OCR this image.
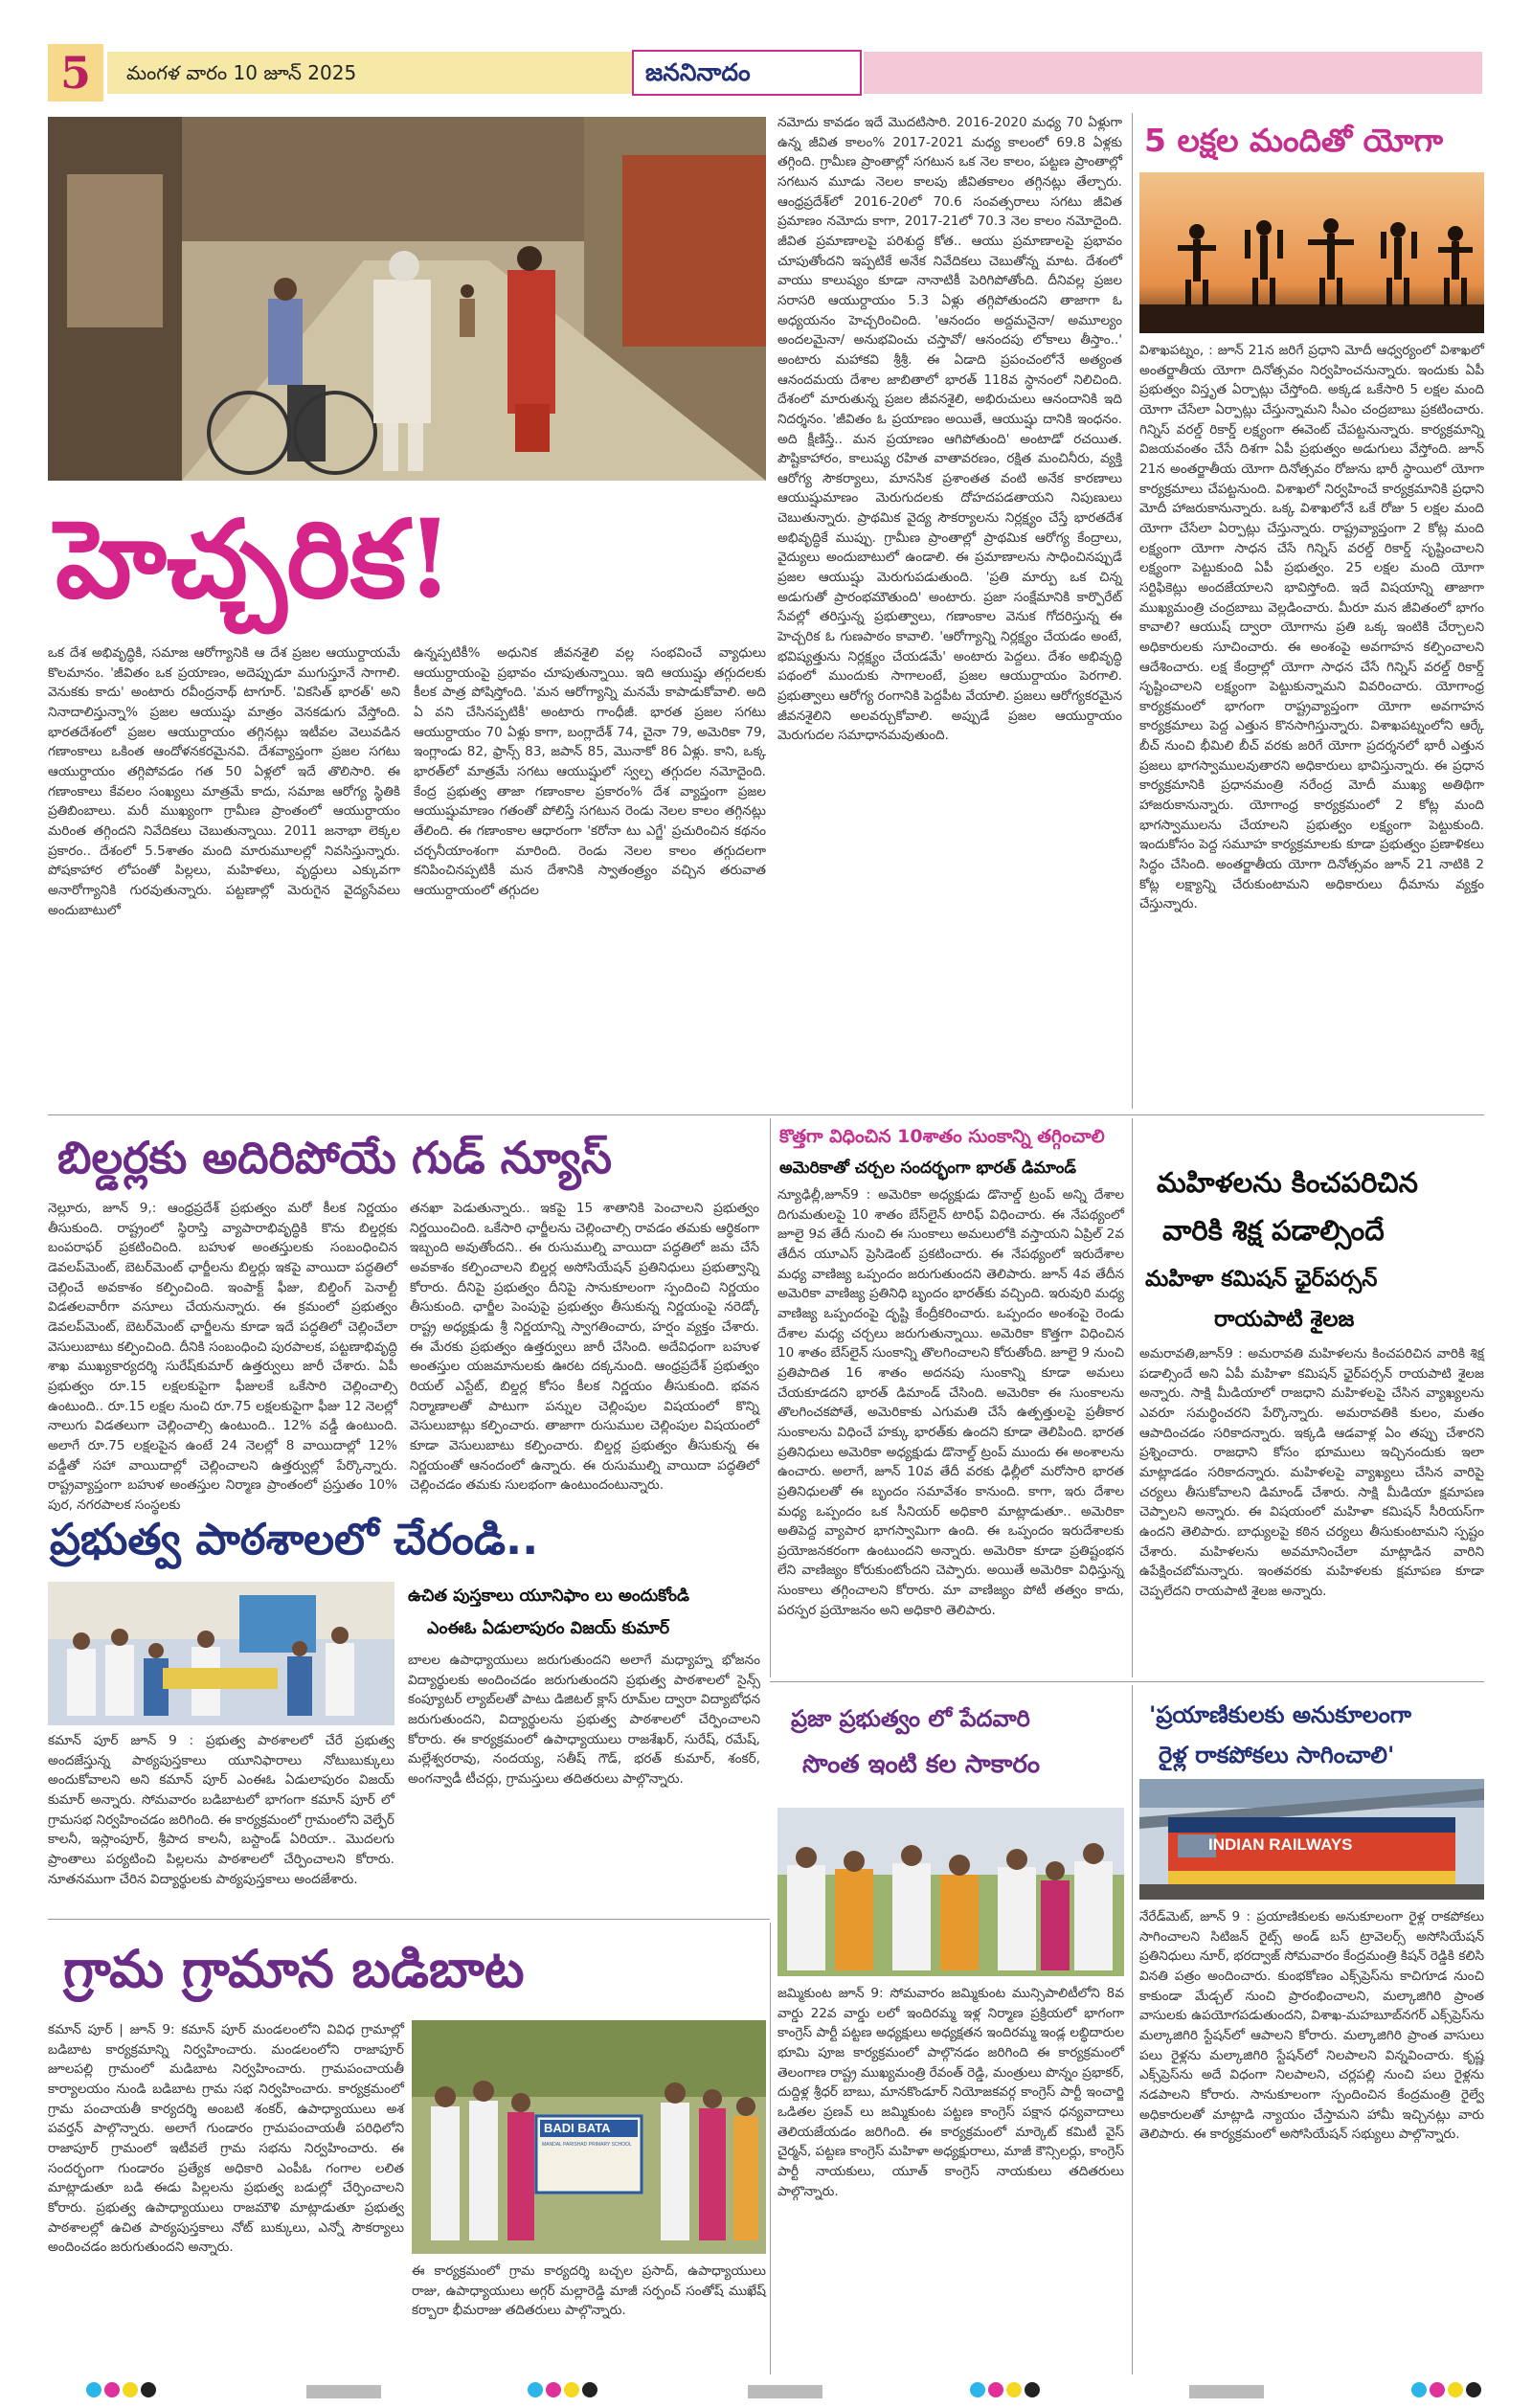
5	మంగళ వారం 10 జూన్ 2025	జననినాదం
హెచ్చరిక!
ఒక దేశ అభివృద్ధికి, సమాజ ఆరోగ్యానికి ఆ దేశ ప్రజల ఆయుర్దాయమే కొలమానం. 'జీవితం ఒక ప్రయాణం, అదెప్పుడూ ముగుస్తూనే సాగాలి. వెనుకకు కాదు' అంటారు రవీంద్రనాథ్ టాగూర్. 'వికసిత్ భారత్' అని నినాదాలిస్తున్నా% ప్రజల ఆయుష్షు మాత్రం వెనకడుగు వేస్తోంది. భారతదేశంలో ప్రజల ఆయుర్దాయం తగ్గినట్లు ఇటీవల వెలువడిన గణాంకాలు ఒకింత ఆందోళనకరమైనవి. దేశవ్యాప్తంగా ప్రజల సగటు ఆయుర్దాయం తగ్గిపోవడం గత 50 ఏళ్లలో ఇదే తొలిసారి. ఈ గణాంకాలు కేవలం సంఖ్యలు మాత్రమే కాదు, సమాజ ఆరోగ్య స్థితికి ప్రతిబింబాలు. మరీ ముఖ్యంగా గ్రామీణ ప్రాంతంలో ఆయుర్దాయం మరింత తగ్గిందని నివేదికలు చెబుతున్నాయి. 2011 జనాభా లెక్కల ప్రకారం.. దేశంలో 5.5శాతం మంది మారుమూలల్లో నివసిస్తున్నారు. పోషకాహార లోపంతో పిల్లలు, మహిళలు, వృద్ధులు ఎక్కువగా అనారోగ్యానికి గురవుతున్నారు. పట్టణాల్లో మెరుగైన వైద్యసేవలు అందుబాటులో
ఉన్నప్పటికీ% అధునిక జీవనశైలి వల్ల సంభవించే వ్యాధులు ఆయుర్దాయంపై ప్రభావం చూపుతున్నాయి. ఇది ఆయుష్షు తగ్గుదలకు కీలక పాత్ర పోషిస్తోంది. 'మన ఆరోగ్యాన్ని మనమే కాపాడుకోవాలి. అది ఏ వని చేసినప్పటికీ' అంటారు గాంధీజీ. భారత ప్రజల సగటు ఆయుర్దాయం 70 ఏళ్లు కాగా, బంగ్లాదేశ్ 74, చైనా 79, అమెరికా 79, ఇంగ్లాండు 82, ఫ్రాన్స్ 83, జపాన్ 85, మొనాకో 86 ఏళ్లు. కాని, ఒక్క భారత్‌లో మాత్రమే సగటు ఆయుష్షులో స్వల్ప తగ్గుదల నమోదైంది. కేంద్ర ప్రభుత్వ తాజా గణాంకాల ప్రకారం% దేశ వ్యాప్తంగా ప్రజల ఆయుష్షుమాణం గతంతో పోలిస్తే సగటున రెండు నెలల కాలం తగ్గినట్లు తేలింది. ఈ గణాంకాల ఆధారంగా 'కరోనా టు ఎగ్జే' ప్రచురించిన కథనం చర్చనీయాంశంగా మారింది. రెండు నెలల కాలం తగ్గుదలగా కనిపించినప్పటికీ మన దేశానికి స్వాతంత్ర్యం వచ్చిన తరువాత ఆయుర్దాయంలో తగ్గుదల
నమోదు కావడం ఇదే మొదటిసారి. 2016-2020 మధ్య 70 ఏళ్లుగా ఉన్న జీవిత కాలం% 2017-2021 మధ్య కాలంలో 69.8 ఏళ్లకు తగ్గింది. గ్రామీణ ప్రాంతాల్లో సగటున ఒక నెల కాలం, పట్టణ ప్రాంతాల్లో సగటున మూడు నెలల కాలపు జీవితకాలం తగ్గినట్లు తేల్చారు. ఆంధ్రప్రదేశ్‌లో 2016-20లో 70.6 సంవత్సరాలు సగటు జీవిత ప్రమాణం నమోదు కాగా, 2017-21లో 70.3 నెల కాలం నమోదైంది. జీవిత ప్రమాణాలపై పరిశుద్ధ కోత.. ఆయు ప్రమాణాలపై ప్రభావం చూపుతోందని ఇప్పటికే అనేక నివేదికలు చెబుతోన్న మాట. దేశంలో వాయు కాలుష్యం కూడా నానాటికీ పెరిగిపోతోంది. దీనివల్ల ప్రజల సరాసరి ఆయుర్దాయం 5.3 ఏళ్లు తగ్గిపోతుందని తాజాగా ఓ అధ్యయనం హెచ్చరించింది. 'ఆనందం అద్దమనైనా/ అమూల్యం అందలమైనా/ అనుభవించు చస్తావో/ ఆనందపు లోకాలు తీస్తాం..' అంటారు మహాకవి శ్రీశ్రీ. ఈ ఏడాది ప్రపంచంలోనే అత్యంత ఆనందమయ దేశాల జాబితాలో భారత్ 118వ స్థానంలో నిలిచింది. దేశంలో మారుతున్న ప్రజల జీవనశైలి, అభిరుచులు ఆనందానికి ఇది నిదర్శనం. 'జీవితం ఓ ప్రయాణం అయితే, ఆయుష్షు దానికి ఇంధనం. అది క్షీణిస్తే.. మన ప్రయాణం ఆగిపోతుంది' అంటాడో రచయిత. పౌష్టికాహారం, కాలుష్య రహిత వాతావరణం, రక్షిత మంచినీరు, వ్యక్తి ఆరోగ్య సౌకర్యాలు, మానసిక ప్రశాంతత వంటి అనేక కారణాలు ఆయుష్షుమాణం మెరుగుదలకు దోహదపడతాయని నిపుణులు చెబుతున్నారు. ప్రాథమిక వైద్య సౌకర్యాలను నిర్లక్ష్యం చేస్తే భారతదేశ అభివృద్ధికే ముప్పు. గ్రామీణ ప్రాంతాల్లో ప్రాథమిక ఆరోగ్య కేంద్రాలు, వైద్యులు అందుబాటులో ఉండాలి. ఈ ప్రమాణాలను సాధించినప్పుడే ప్రజల ఆయుష్షు మెరుగుపడుతుంది. 'ప్రతి మార్పు ఒక చిన్న అడుగుతో ప్రారంభమౌతుంది' అంటారు. ప్రజా సంక్షేమానికి కార్పొరేట్ సేవల్లో తరిస్తున్న ప్రభుత్వాలు, గణాంకాల వెనుక గోదరిస్తున్న ఈ హెచ్చరిక ఓ గుణపాఠం కావాలి. 'ఆరోగ్యాన్ని నిర్లక్ష్యం చేయడం అంటే, భవిష్యత్తును నిర్లక్ష్యం చేయడమే' అంటారు పెద్దలు. దేశం అభివృద్ధి పథంలో ముందుకు సాగాలంటే, ప్రజల ఆయుర్దాయం పెరగాలి. ప్రభుత్వాలు ఆరోగ్య రంగానికి పెద్దపీట వేయాలి. ప్రజలు ఆరోగ్యకరమైన జీవనశైలిని అలవర్చుకోవాలి. అప్పుడే ప్రజల ఆయుర్దాయం మెరుగుదల సమాధానమవుతుంది.
5 లక్షల మందితో యోగా
విశాఖపట్నం, : జూన్ 21న జరిగే ప్రధాని మోదీ ఆధ్వర్యంలో విశాఖలో అంతర్జాతీయ యోగా దినోత్సవం నిర్వహించనున్నారు. ఇందుకు ఏపీ ప్రభుత్వం విస్తృత ఏర్పాట్లు చేస్తోంది. అక్కడ ఒకేసారి 5 లక్షల మంది యోగా చేసేలా ఏర్పాట్లు చేస్తున్నామని సీఎం చంద్రబాబు ప్రకటించారు. గిన్నిస్ వరల్డ్ రికార్డ్ లక్ష్యంగా ఈవెంట్ చేపట్టనున్నారు. కార్యక్రమాన్ని విజయవంతం చేసే దిశగా ఏపీ ప్రభుత్వం అడుగులు వేస్తోంది. జూన్ 21న అంతర్జాతీయ యోగా దినోత్సవం రోజును భారీ స్థాయిలో యోగా కార్యక్రమాలు చేపట్టనుంది. విశాఖలో నిర్వహించే కార్యక్రమానికి ప్రధాని మోదీ హాజరుకానున్నారు. ఒక్క విశాఖలోనే ఒకే రోజు 5 లక్షల మంది యోగా చేసేలా ఏర్పాట్లు చేస్తున్నారు. రాష్ట్రవ్యాప్తంగా 2 కోట్ల మంది లక్ష్యంగా యోగా సాధన చేసే గిన్నిస్ వరల్డ్ రికార్డ్ సృష్టించాలని లక్ష్యంగా పెట్టుకుంది ఏపీ ప్రభుత్వం. 25 లక్షల మంది యోగా సర్టిఫికెట్లు అందజేయాలని భావిస్తోంది. ఇదే విషయాన్ని తాజాగా ముఖ్యమంత్రి చంద్రబాబు వెల్లడించారు. మీరూ మన జీవితంలో భాగం కావాలి? ఆయుష్ ద్వారా యోగాను ప్రతి ఒక్క ఇంటికి చేర్చాలని అధికారులకు సూచించారు. ఈ అంశంపై అవగాహన కల్పించాలని ఆదేశించారు. లక్ష కేంద్రాల్లో యోగా సాధన చేసే గిన్నిస్ వరల్డ్ రికార్డ్ సృష్టించాలని లక్ష్యంగా పెట్టుకున్నామని వివరించారు. యోగాంధ్ర కార్యక్రమంలో భాగంగా రాష్ట్రవ్యాప్తంగా యోగా అవగాహన కార్యక్రమాలు పెద్ద ఎత్తున కొనసాగిస్తున్నారు. విశాఖపట్నంలోని ఆర్కే బీచ్ నుంచి భీమిలి బీచ్ వరకు జరిగే యోగా ప్రదర్శనలో భారీ ఎత్తున ప్రజలు భాగస్వాములవుతారని అధికారులు భావిస్తున్నారు. ఈ ప్రధాన కార్యక్రమానికి ప్రధానమంత్రి నరేంద్ర మోదీ ముఖ్య అతిథిగా హాజరుకానున్నారు. యోగాంధ్ర కార్యక్రమంలో 2 కోట్ల మంది భాగస్వాములను చేయాలని ప్రభుత్వం లక్ష్యంగా పెట్టుకుంది. ఇందుకోసం పెద్ద సమూహ కార్యక్రమాలకు కూడా ప్రభుత్వం ప్రణాళికలు సిద్ధం చేసింది. అంతర్జాతీయ యోగా దినోత్సవం జూన్ 21 నాటికి 2 కోట్ల లక్ష్యాన్ని చేరుకుంటామని అధికారులు ధీమాను వ్యక్తం చేస్తున్నారు.
బిల్డర్లకు అదిరిపోయే గుడ్ న్యూస్
నెల్లూరు, జూన్ 9,: ఆంధ్రప్రదేశ్ ప్రభుత్వం మరో కీలక నిర్ణయం తీసుకుంది. రాష్ట్రంలో స్థిరాస్తి వ్యాపారాభివృద్ధికి కొను బిల్డర్లకు బంపరాఫర్ ప్రకటించింది. బహుళ అంతస్తులకు సంబంధించిన డెవలప్‌మెంట్, బెటర్‌మెంట్ ఛార్జీలను బిల్డర్లు ఇకపై వాయిదా పద్ధతిలో చెల్లించే అవకాశం కల్పించింది. ఇంపాక్ట్ ఫీజు, బిల్డింగ్ పెనాల్టీ విడతలవారీగా వసూలు చేయనున్నారు. ఈ క్రమంలో ప్రభుత్వం డెవలప్‌మెంట్, బెటర్‌మెంట్ ఛార్జీలను కూడా ఇదే పద్ధతిలో చెల్లించేలా వెసులుబాటు కల్పించింది. దీనికి సంబంధించి పురపాలక, పట్టణాభివృద్ధి శాఖ ముఖ్యకార్యదర్శి సురేష్‌కుమార్ ఉత్తర్వులు జారీ చేశారు. ఏపీ ప్రభుత్వం రూ.15 లక్షలకుపైగా ఫీజులకే ఒకేసారి చెల్లించాల్సి ఉంటుంది.. రూ.15 లక్షల నుంచి రూ.75 లక్షలకుపైగా ఫీజు 12 నెలల్లో నాలుగు విడతలుగా చెల్లించాల్సి ఉంటుంది.. 12% వడ్డీ ఉంటుంది. అలాగే రూ.75 లక్షలపైన ఉంటే 24 నెలల్లో 8 వాయిదాల్లో 12% వడ్డీతో సహా వాయిదాల్లో చెల్లించాలని ఉత్తర్వుల్లో పేర్కొన్నారు. రాష్ట్రవ్యాప్తంగా బహుళ అంతస్తుల నిర్మాణ ప్రాంతంలో ప్రస్తుతం 10% పుర, నగరపాలక సంస్థలకు
తనఖా పెడుతున్నారు.. ఇకపై 15 శాతానికి పెంచాలని ప్రభుత్వం నిర్ణయించింది. ఒకేసారి ఛార్జీలను చెల్లించాల్సి రావడం తమకు ఆర్థికంగా ఇబ్బంది అవుతోందని.. ఈ రుసుముల్ని వాయిదా పద్ధతిలో జమ చేసే అవకాశం కల్పించాలని బిల్డర్ల అసోసియేషన్ ప్రతినిధులు ప్రభుత్వాన్ని కోరారు. దీనిపై ప్రభుత్వం దీనిపై సానుకూలంగా స్పందించి నిర్ణయం తీసుకుంది. ఛార్జీల పెంపుపై ప్రభుత్వం తీసుకున్న నిర్ణయంపై నరెడ్కో రాష్ట్ర అధ్యక్షుడు శ్రీ నిర్ణయాన్ని స్వాగతించారు, హర్షం వ్యక్తం చేశారు. ఈ మేరకు ప్రభుత్వం ఉత్తర్వులు జారీ చేసింది. అదేవిధంగా బహుళ అంతస్తుల యజమానులకు ఊరట దక్కనుంది. ఆంధ్రప్రదేశ్ ప్రభుత్వం రియల్ ఎస్టేట్, బిల్డర్ల కోసం కీలక నిర్ణయం తీసుకుంది. భవన నిర్మాణాలతో పాటుగా పన్నుల చెల్లింపుల విషయంలో కొన్ని వెసులుబాట్లు కల్పించారు. తాజాగా రుసుముల చెల్లింపుల విషయంలో కూడా వెసులుబాటు కల్పించారు. బిల్డర్ల ప్రభుత్వం తీసుకున్న ఈ నిర్ణయంతో ఆనందంలో ఉన్నారు. ఈ రుసుముల్ని వాయిదా పద్ధతిలో చెల్లించడం తమకు సులభంగా ఉంటుందంటున్నారు.
కొత్తగా విధించిన 10శాతం సుంకాన్ని తగ్గించాలి
అమెరికాతో చర్చల సందర్భంగా భారత్ డిమాండ్
న్యూఢిల్లీ,జూన్9 : అమెరికా అధ్యక్షుడు డొనాల్డ్ ట్రంప్ అన్ని దేశాల దిగుమతులపై 10 శాతం బేస్‌లైన్ టారిఫ్ విధించారు. ఈ నేపథ్యంలో జూలై 9వ తేదీ నుంచి ఈ సుంకాలు అమలులోకి వస్తాయని ఏప్రిల్ 2వ తేదీన యూఎస్ ప్రెసిడెంట్ ప్రకటించారు. ఈ నేపథ్యంలో ఇరుదేశాల మధ్య వాణిజ్య ఒప్పందం జరుగుతుందని తెలిపారు. జూన్ 4వ తేదీన అమెరికా వాణిజ్య ప్రతినిధి బృందం భారత్‌కు వచ్చింది. ఇరువురి మధ్య వాణిజ్య ఒప్పందంపై దృష్టి కేంద్రీకరించారు. ఒప్పందం అంశంపై రెండు దేశాల మధ్య చర్చలు జరుగుతున్నాయి. అమెరికా కొత్తగా విధించిన 10 శాతం బేస్‌లైన్ సుంకాన్ని తొలగించాలని కోరుతోంది. జూలై 9 నుంచి ప్రతిపాదిత 16 శాతం అదనపు సుంకాన్ని కూడా అమలు చేయకూడదని భారత్ డిమాండ్ చేసింది. అమెరికా ఈ సుంకాలను తొలగించకపోతే, అమెరికాకు ఎగుమతి చేసే ఉత్పత్తులపై ప్రతీకార సుంకాలను విధించే హక్కు భారత్‌కు ఉందని కూడా తెలిపింది. భారత ప్రతినిధులు అమెరికా అధ్యక్షుడు డొనాల్డ్ ట్రంప్ ముందు ఈ అంశాలను ఉంచారు. అలాగే, జూన్ 10వ తేదీ వరకు ఢిల్లీలో మరోసారి భారత ప్రతినిధులతో ఈ బృందం సమావేశం కానుంది. కాగా, ఇరు దేశాల మధ్య ఒప్పందం ఒక సీనియర్ అధికారి మాట్లాడుతూ.. అమెరికా అతిపెద్ద వ్యాపార భాగస్వామిగా ఉంది. ఈ ఒప్పందం ఇరుదేశాలకు ప్రయోజనకరంగా ఉంటుందని అన్నారు. అమెరికా కూడా ప్రతిష్టంభన లేని వాణిజ్యం కోరుకుంటోందని చెప్పారు. అయితే అమెరికా విధిస్తున్న సుంకాలు తగ్గించాలని కోరారు. మా వాణిజ్యం పోటీ తత్వం కాదు, పరస్పర ప్రయోజనం అని అధికారి తెలిపారు.
మహిళలను కించపరిచిన
వారికి శిక్ష పడాల్సిందే
మహిళా కమిషన్ ఛైర్‌పర్సన్
రాయపాటి శైలజ
అమరావతి,జూన్9 : అమరావతి మహిళలను కించపరిచిన వారికి శిక్ష పడాల్సిందే అని ఏపీ మహిళా కమిషన్ ఛైర్‌పర్సన్ రాయపాటి శైలజ అన్నారు. సాక్షి మీడియాలో రాజధాని మహిళలపై చేసిన వ్యాఖ్యలను ఎవరూ సమర్థించరని పేర్కొన్నారు. అమరావతికి కులం, మతం ఆపాదించడం సరికాదన్నారు. ఇక్కడి ఆడవాళ్ల ఏం తప్పు చేశారని ప్రశ్నించారు. రాజధాని కోసం భూములు ఇచ్చినందుకు ఇలా మాట్లాడడం సరికాదన్నారు. మహిళలపై వ్యాఖ్యలు చేసిన వారిపై చర్యలు తీసుకోవాలని డిమాండ్ చేశారు. సాక్షి మీడియా క్షమాపణ చెప్పాలని అన్నారు. ఈ విషయంలో మహిళా కమిషన్ సీరియస్‌గా ఉందని తెలిపారు. బాధ్యులపై కఠిన చర్యలు తీసుకుంటామని స్పష్టం చేశారు. మహిళలను అవమానించేలా మాట్లాడిన వారిని ఉపేక్షించబోమన్నారు. ఇంతవరకు మహిళలకు క్షమాపణ కూడా చెప్పలేదని రాయపాటి శైలజ అన్నారు.
ప్రభుత్వ పాఠశాలలో చేరండి..
ఉచిత పుస్తకాలు యూనిఫాం లు అందుకోండి
ఎంఈఓ ఏడులాపురం విజయ్ కుమార్
కమాన్ పూర్ జూన్ 9 : ప్రభుత్వ పాఠశాలలో చేరే ప్రభుత్వ అందజేస్తున్న పాఠ్యపుస్తకాలు యూనిఫారాలు నోటుబుక్కులు అందుకోవాలని అని కమాన్ పూర్ ఎంఈఓ ఏడులాపురం విజయ్ కుమార్ అన్నారు. సోమవారం బడిబాటలో భాగంగా కమాన్ పూర్ లో గ్రామసభ నిర్వహించడం జరిగింది. ఈ కార్యక్రమంలో గ్రామంలోని వెల్ఫేర్ కాలనీ, ఇస్లాంపూర్, శ్రీపాద కాలనీ, బస్టాండ్ ఏరియా.. మొదలగు ప్రాంతాలు పర్యటించి పిల్లలను పాఠశాలలో చేర్పించాలని కోరారు. నూతనముగా చేరిన విద్యార్థులకు పాఠ్యపుస్తకాలు అందజేశారు.
బాలల ఉపాధ్యాయులు జరుగుతుందని అలాగే మధ్యాహ్న భోజనం విద్యార్థులకు అందించడం జరుగుతుందని ప్రభుత్వ పాఠశాలలో సైన్స్ కంప్యూటర్ ల్యాబ్‌లతో పాటు డిజిటల్ క్లాస్ రూమ్‌ల ద్వారా విద్యాబోధన జరుగుతుందని, విద్యార్థులను ప్రభుత్వ పాఠశాలలో చేర్పించాలని కోరారు. ఈ కార్యక్రమంలో ఉపాధ్యాయులు రాజశేఖర్, సురేష్, రమేష్, మల్లేశ్వరరావు, నందయ్య, సతీష్ గౌడ్, భరత్ కుమార్, శంకర్, అంగన్వాడీ టీచర్లు, గ్రామస్తులు తదితరులు పాల్గొన్నారు.
ప్రజా ప్రభుత్వం లో పేదవారి
సొంత ఇంటి కల సాకారం
జమ్మికుంట జూన్ 9: సోమవారం జమ్మికుంట మున్సిపాలిటీలోని 8వ వార్డు 22వ వార్డు లలో ఇందిరమ్మ ఇళ్ల నిర్మాణ ప్రక్రియలో భాగంగా కాంగ్రెస్ పార్టీ పట్టణ అధ్యక్షులు అధ్యక్షతన ఇందిరమ్మ ఇండ్ల లబ్ధిదారుల భూమి పూజ కార్యక్రమంలో పాల్గొనడం జరిగింది ఈ కార్యక్రమంలో తెలంగాణ రాష్ట్ర ముఖ్యమంత్రి రేవంత్ రెడ్డి, మంత్రులు పొన్నం ప్రభాకర్, దుద్దిళ్ల శ్రీధర్ బాబు, మానకొండూర్ నియోజకవర్గ కాంగ్రెస్ పార్టీ ఇంచార్జి ఒడితల ప్రణవ్ లు జమ్మికుంట పట్టణ కాంగ్రెస్ పక్షాన ధన్యవాదాలు తెలియజేయడం జరిగింది. ఈ కార్యక్రమంలో మార్కెట్ కమిటీ వైస్ చైర్మన్, పట్టణ కాంగ్రెస్ మహిళా అధ్యక్షురాలు, మాజీ కౌన్సిలర్లు, కాంగ్రెస్ పార్టీ నాయకులు, యూత్ కాంగ్రెస్ నాయకులు తదితరులు పాల్గొన్నారు.
'ప్రయాణికులకు అనుకూలంగా
రైళ్ల రాకపోకలు సాగించాలి'
INDIAN RAILWAYS
నేరేడ్‌మెట్, జూన్ 9 : ప్రయాణికులకు అనుకూలంగా రైళ్ల రాకపోకలు సాగించాలని సిటిజన్ రైట్స్ అండ్ బస్ ట్రావెలర్స్ అసోసియేషన్ ప్రతినిధులు నూర్, భరద్వాజ్ సోమవారం కేంద్రమంత్రి కిషన్ రెడ్డికి కలిసి వినతి పత్రం అందించారు. కుంభకోణం ఎక్స్‌ప్రెస్‌ను కాచిగూడ నుంచి కాకుండా మేడ్చల్ నుంచి ప్రారంభించాలని, మల్కాజిగిరి ప్రాంత వాసులకు ఉపయోగపడుతుందని, విశాఖ-మహబూబ్‌నగర్ ఎక్స్‌ప్రెస్‌ను మల్కాజిగిరి స్టేషన్‌లో ఆపాలని కోరారు. మల్కాజిగిరి ప్రాంత వాసులు పలు రైళ్లను మల్కాజిగిరి స్టేషన్‌లో నిలపాలని విన్నవించారు. కృష్ణ ఎక్స్‌ప్రెస్‌ను అదే విధంగా నిలపాలని, చర్లపల్లి నుంచి పలు రైళ్లను నడపాలని కోరారు. సానుకూలంగా స్పందించిన కేంద్రమంత్రి రైల్వే అధికారులతో మాట్లాడి న్యాయం చేస్తామని హామీ ఇచ్చినట్లు వారు తెలిపారు. ఈ కార్యక్రమంలో అసోసియేషన్ సభ్యులు పాల్గొన్నారు.
గ్రామ గ్రామాన బడిబాట
కమాన్ పూర్ | జూన్ 9: కమాన్ పూర్ మండలంలోని వివిధ గ్రామాల్లో బడిబాట కార్యక్రమాన్ని నిర్వహించారు. మండలంలోని రాజాపూర్ జూలపల్లి గ్రామంలో మడిబాట నిర్వహించారు. గ్రామపంచాయతీ కార్యాలయం నుండి బడిబాట గ్రామ సభ నిర్వహించారు. కార్యక్రమంలో గ్రామ పంచాయతీ కార్యదర్శి అంబటి శంకర్, ఉపాధ్యాయులు అశ పవర్తన్ పాల్గొన్నారు. అలాగే గుండారం గ్రామపంచాయతీ పరిధిలోని రాజాపూర్ గ్రామంలో ఇటీవలే గ్రామ సభను నిర్వహించారు. ఈ సందర్భంగా గుండారం ప్రత్యేక అధికారి ఎంపీఓ గంగాల లలిత మాట్లాడుతూ బడి ఈడు పిల్లలను ప్రభుత్వ బడుల్లో చేర్పించాలని కోరారు. ప్రభుత్వ ఉపాధ్యాయులు రాజమౌళి మాట్లాడుతూ ప్రభుత్వ పాఠశాలల్లో ఉచిత పాఠ్యపుస్తకాలు నోట్ బుక్కులు, ఎన్నో సౌకర్యాలు అందించడం జరుగుతుందని అన్నారు.
BADI BATA
MANDAL PARISHAD PRIMARY SCHOOL
ఈ కార్యక్రమంలో గ్రామ కార్యదర్శి బచ్చల ప్రసాద్, ఉపాధ్యాయులు రాజు, ఉపాధ్యాయులు అగ్గర్ మల్లారెడ్డి మాజీ సర్పంచ్ సంతోష్ ముఖేష్ కర్బారా భీమరాజు తదితరులు పాల్గొన్నారు.
